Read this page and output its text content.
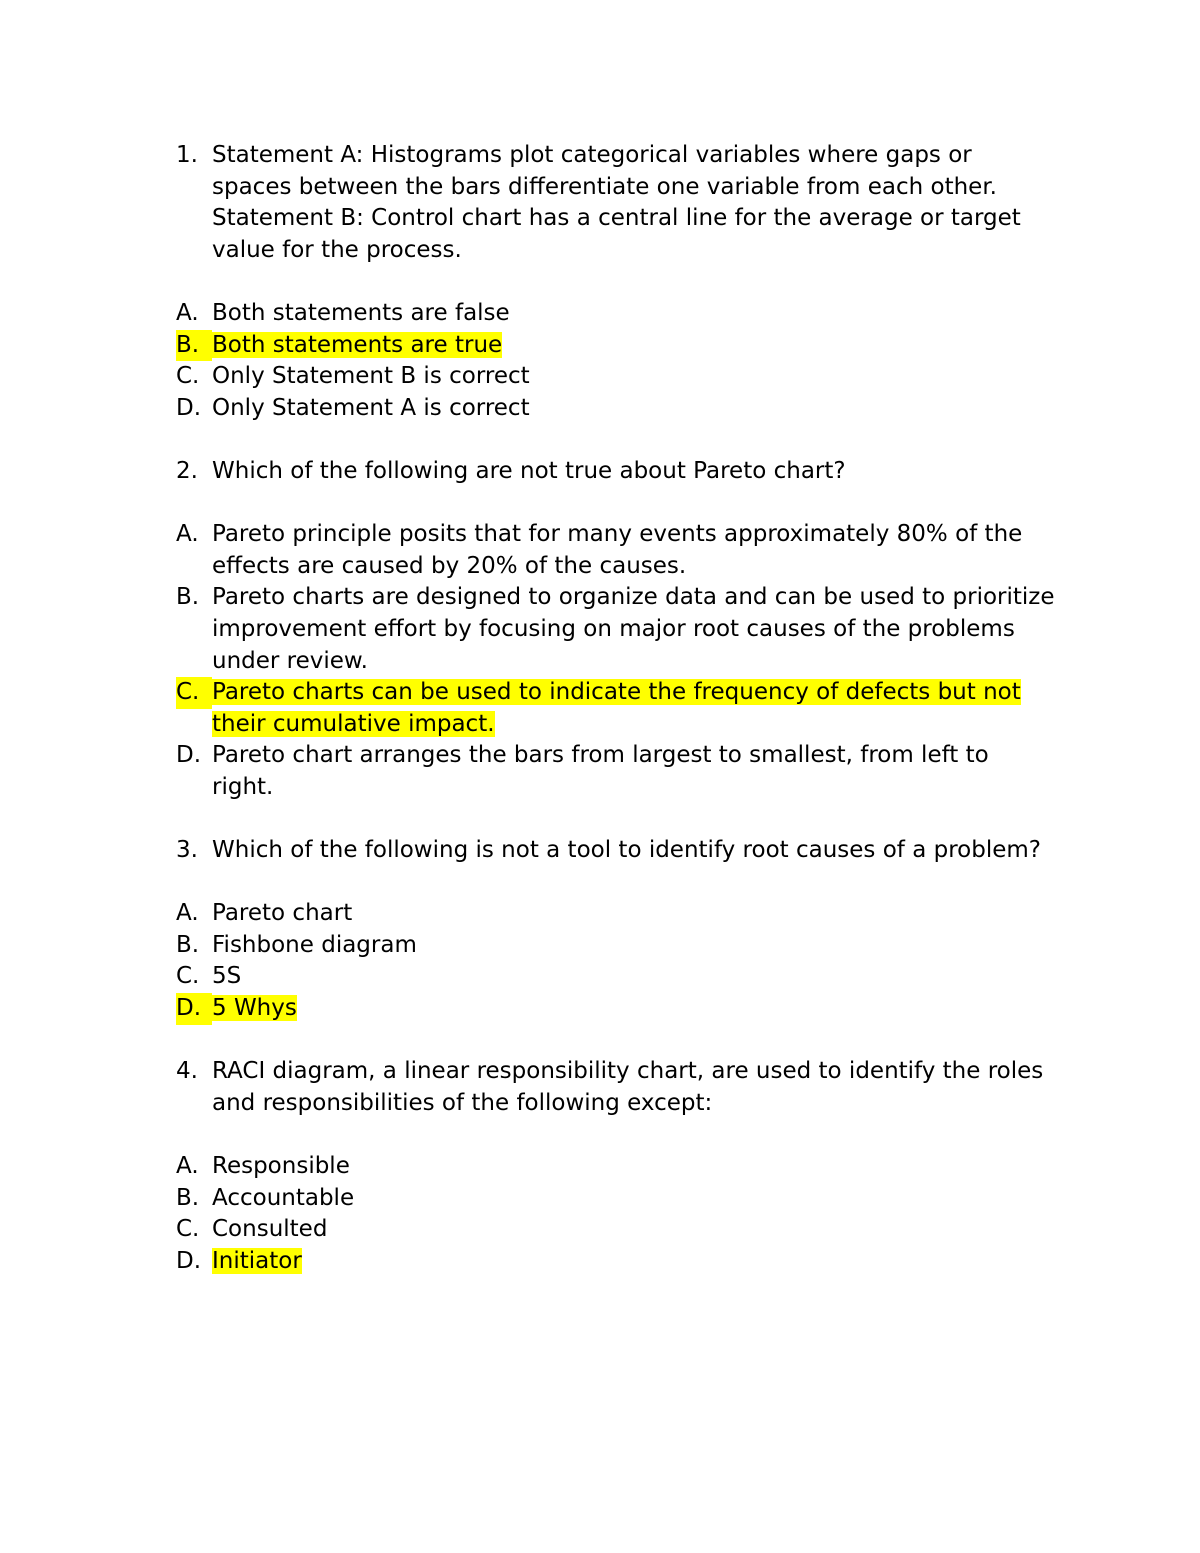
1. Statement A: Histograms plot categorical variables where gaps or spaces between the bars differentiate one variable from each other.

Statement B: Control chart has a central line for the average or target value for the process.

A. Both statements are false
B. Both statements are true
C. Only Statement B is correct
D. Only Statement A is correct
2. Which of the following are not true about Pareto chart?

A. Pareto principle posits that for many events approximately 80% of the effects are caused by 20% of the causes.
B. Pareto charts are designed to organize data and can be used to prioritize improvement effort by focusing on major root causes of the problems under review.
C. Pareto charts can be used to indicate the frequency of defects but not their cumulative impact.
D. Pareto chart arranges the bars from largest to smallest, from left to right.
3. Which of the following is not a tool to identify root causes of a problem?

A. Pareto chart
B. Fishbone diagram
C. 5S
D. 5 Whys
4. RACI diagram, a linear responsibility chart, are used to identify the roles and responsibilities of the following except:

A. Responsible
B. Accountable
C. Consulted
D. Initiator
